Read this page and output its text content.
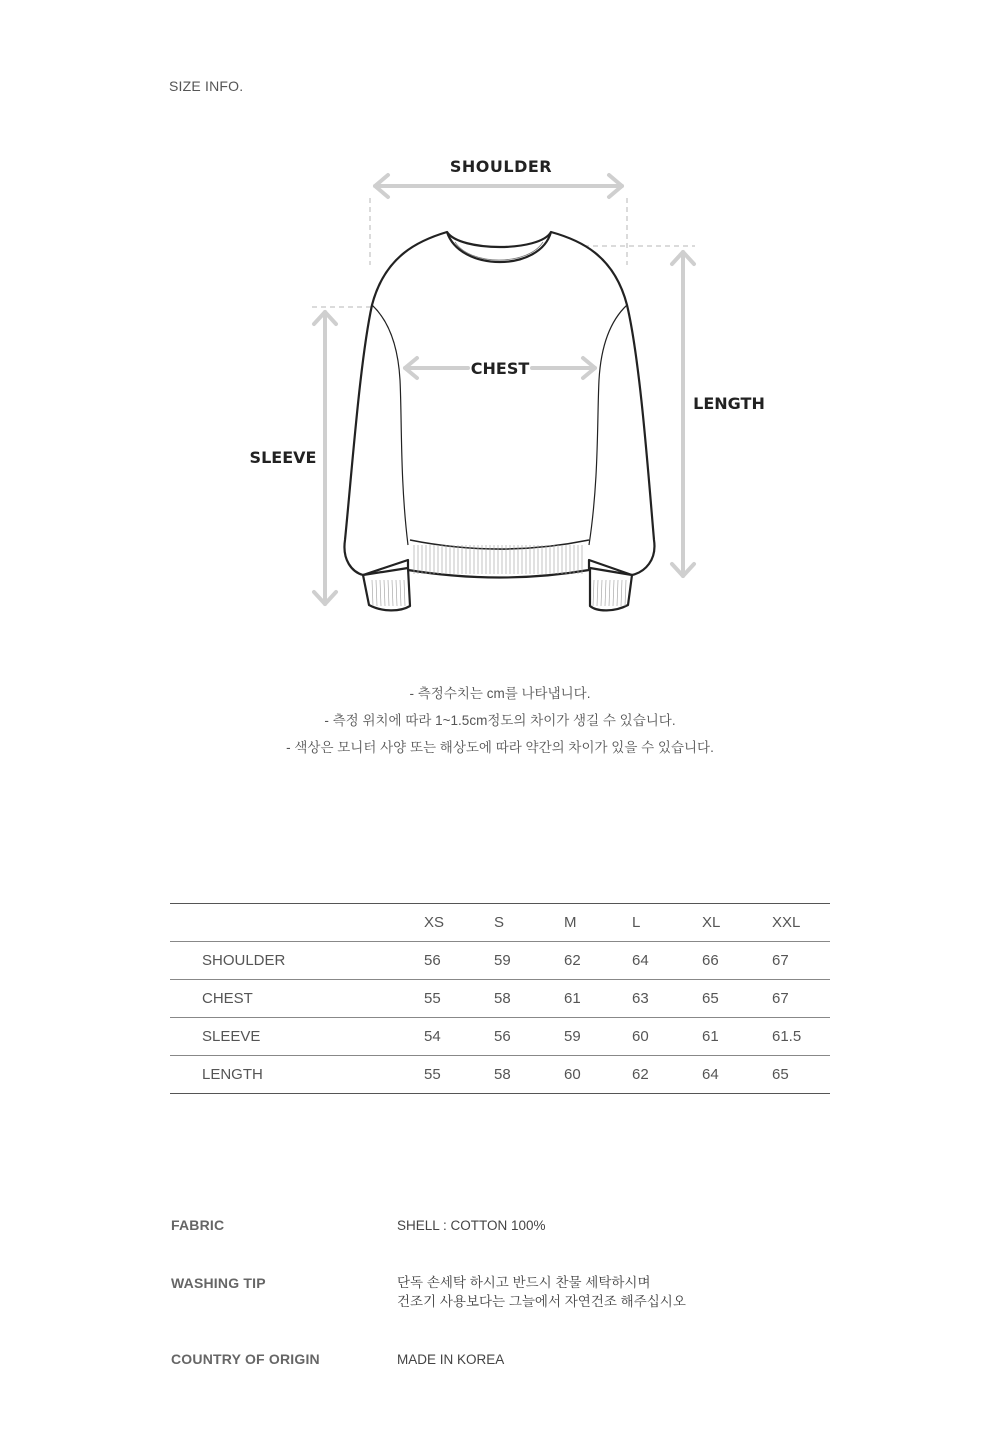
SIZE INFO.
SHOULDER
CHEST
SLEEVE
LENGTH
- 측정수치는 cm를 나타냅니다.
- 측정 위치에 따라 1~1.5cm정도의 차이가 생길 수 있습니다.
- 색상은 모니터 사양 또는 해상도에 따라 약간의 차이가 있을 수 있습니다.
	XS	S	M	L	XL	XXL
SHOULDER	56	59	62	64	66	67
CHEST	55	58	61	63	65	67
SLEEVE	54	56	59	60	61	61.5
LENGTH	55	58	60	62	64	65
FABRIC	SHELL : COTTON 100%
WASHING TIP	단독 손세탁 하시고 반드시 찬물 세탁하시며
건조기 사용보다는 그늘에서 자연건조 해주십시오
COUNTRY OF ORIGIN	MADE IN KOREA
